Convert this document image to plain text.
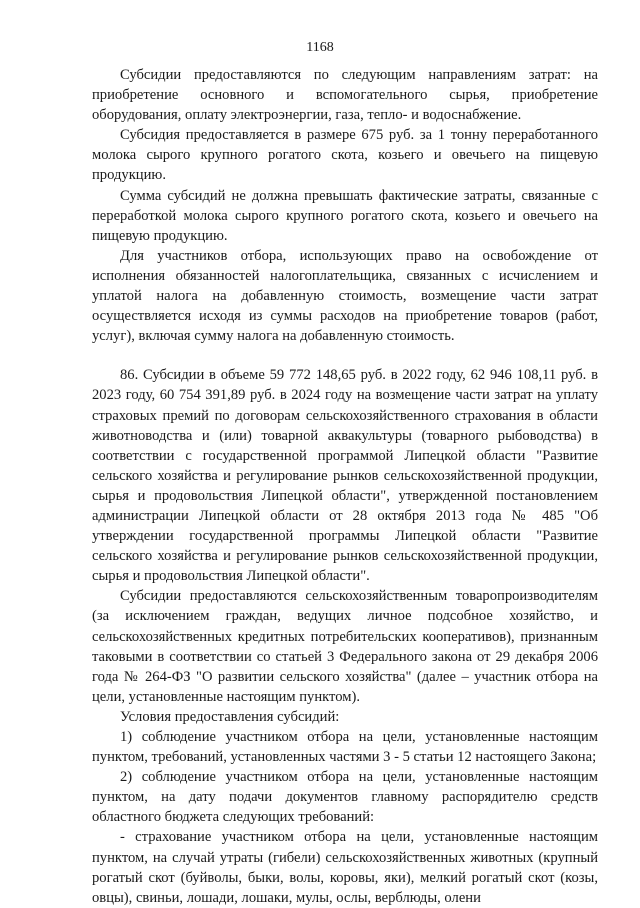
1168

Субсидии предоставляются по следующим направлениям затрат: на приобретение основного и вспомогательного сырья, приобретение оборудования, оплату электроэнергии, газа, тепло- и водоснабжение.

Субсидия предоставляется в размере 675 руб. за 1 тонну переработанного молока сырого крупного рогатого скота, козьего и овечьего на пищевую продукцию.

Сумма субсидий не должна превышать фактические затраты, связанные с переработкой молока сырого крупного рогатого скота, козьего и овечьего на пищевую продукцию.

Для участников отбора, использующих право на освобождение от исполнения обязанностей налогоплательщика, связанных с исчислением и уплатой налога на добавленную стоимость, возмещение части затрат осуществляется исходя из суммы расходов на приобретение товаров (работ, услуг), включая сумму налога на добавленную стоимость.

86. Субсидии в объеме 59 772 148,65 руб. в 2022 году, 62 946 108,11 руб. в 2023 году, 60 754 391,89 руб. в 2024 году на возмещение части затрат на уплату страховых премий по договорам сельскохозяйственного страхования в области животноводства и (или) товарной аквакультуры (товарного рыбоводства) в соответствии с государственной программой Липецкой области "Развитие сельского хозяйства и регулирование рынков сельскохозяйственной продукции, сырья и продовольствия Липецкой области", утвержденной постановлением администрации Липецкой области от 28 октября 2013 года № 485 "Об утверждении государственной программы Липецкой области "Развитие сельского хозяйства и регулирование рынков сельскохозяйственной продукции, сырья и продовольствия Липецкой области".

Субсидии предоставляются сельскохозяйственным товаропроизводителям (за исключением граждан, ведущих личное подсобное хозяйство, и сельскохозяйственных кредитных потребительских кооперативов), признанным таковыми в соответствии со статьей 3 Федерального закона от 29 декабря 2006 года № 264-ФЗ "О развитии сельского хозяйства" (далее – участник отбора на цели, установленные настоящим пунктом).

Условия предоставления субсидий:

1) соблюдение участником отбора на цели, установленные настоящим пунктом, требований, установленных частями 3 - 5 статьи 12 настоящего Закона;

2) соблюдение участником отбора на цели, установленные настоящим пунктом, на дату подачи документов главному распорядителю средств областного бюджета следующих требований:

- страхование участником отбора на цели, установленные настоящим пунктом, на случай утраты (гибели) сельскохозяйственных животных (крупный рогатый скот (буйволы, быки, волы, коровы, яки), мелкий рогатый скот (козы, овцы), свиньи, лошади, лошаки, мулы, ослы, верблюды, олени
